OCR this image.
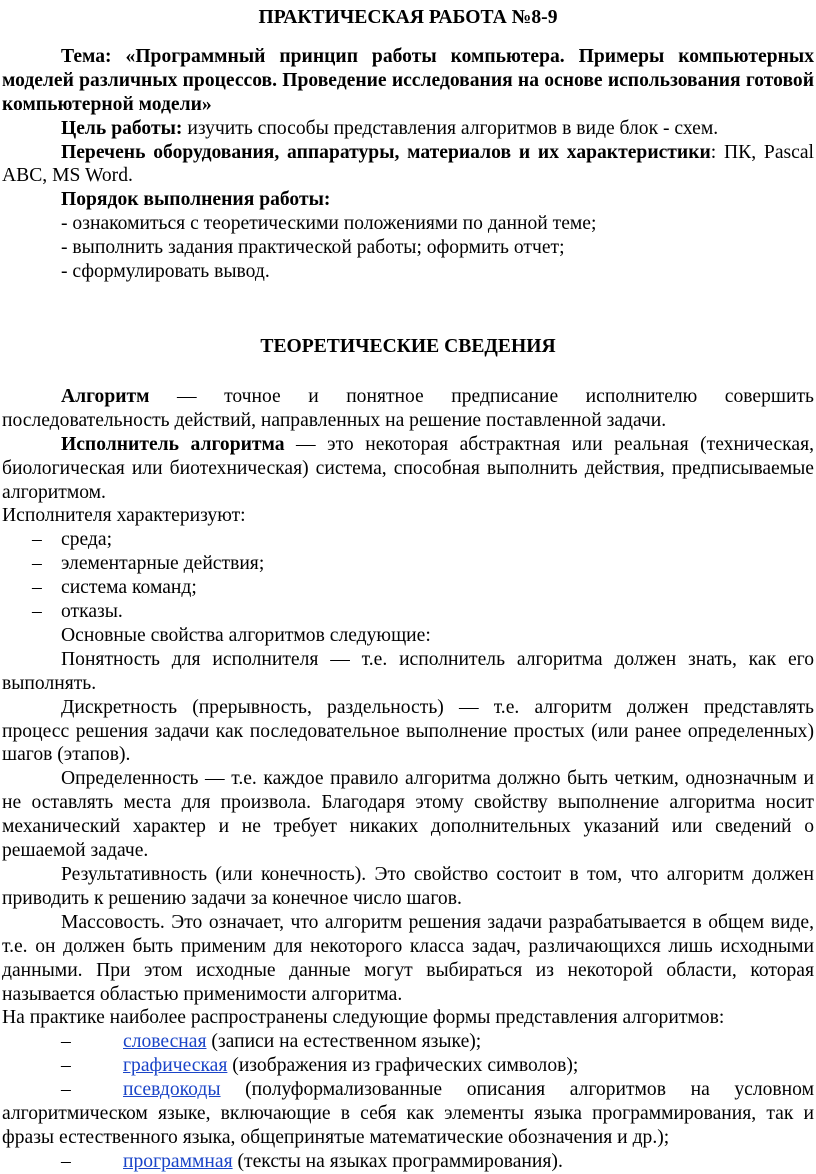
ПРАКТИЧЕСКАЯ РАБОТА №8-9

Тема: «Программный принцип работы компьютера. Примеры компьютерных моделей различных процессов. Проведение исследования на основе использования готовой компьютерной модели»

Цель работы: изучить способы представления алгоритмов в виде блок - схем.

Перечень оборудования, аппаратуры, материалов и их характеристики: ПК, Pascal ABC, MS Word.

Порядок выполнения работы:

- ознакомиться с теоретическими положениями по данной теме;

- выполнить задания практической работы; оформить отчет;

- сформулировать вывод.

ТЕОРЕТИЧЕСКИЕ СВЕДЕНИЯ

Алгоритм — точное и понятное предписание исполнителю совершить последовательность действий, направленных на решение поставленной задачи.

Исполнитель алгоритма — это некоторая абстрактная или реальная (техническая, биологическая или биотехническая) система, способная выполнить действия, предписываемые алгоритмом.

Исполнителя характеризуют:

– среда;
– элементарные действия;
– система команд;
– отказы.

Основные свойства алгоритмов следующие:

Понятность для исполнителя — т.е. исполнитель алгоритма должен знать, как его выполнять.

Дискретность (прерывность, раздельность) — т.е. алгоритм должен представлять процесс решения задачи как последовательное выполнение простых (или ранее определенных) шагов (этапов).

Определенность — т.е. каждое правило алгоритма должно быть четким, однозначным и не оставлять места для произвола. Благодаря этому свойству выполнение алгоритма носит механический характер и не требует никаких дополнительных указаний или сведений о решаемой задаче.

Результативность (или конечность). Это свойство состоит в том, что алгоритм должен приводить к решению задачи за конечное число шагов.

Массовость. Это означает, что алгоритм решения задачи разрабатывается в общем виде, т.е. он должен быть применим для некоторого класса задач, различающихся лишь исходными данными. При этом исходные данные могут выбираться из некоторой области, которая называется областью применимости алгоритма.

На практике наиболее распространены следующие формы представления алгоритмов:

–	словесная (записи на естественном языке);
–	графическая (изображения из графических символов);
–	псевдокоды (полуформализованные описания алгоритмов на условном алгоритмическом языке, включающие в себя как элементы языка программирования, так и фразы естественного языка, общепринятые математические обозначения и др.);
–	программная (тексты на языках программирования).
